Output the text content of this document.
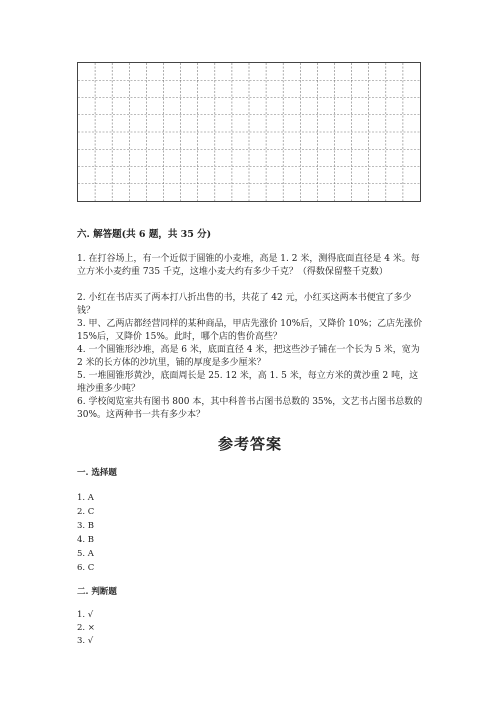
六. 解答题(共 6 题，共 35 分)
1. 在打谷场上，有一个近似于圆锥的小麦堆，高是 1. 2 米，测得底面直径是 4 米。每立方米小麦约重 735 千克，这堆小麦大约有多少千克？（得数保留整千克数）
2. 小红在书店买了两本打八折出售的书，共花了 42 元，小红买这两本书便宜了多少钱？
3. 甲、乙两店都经营同样的某种商品，甲店先涨价 10%后，又降价 10%；乙店先涨价 15%后，又降价 15%。此时，哪个店的售价高些？
4. 一个圆锥形沙堆，高是 6 米，底面直径 4 米，把这些沙子铺在一个长为 5 米，宽为 2 米的长方体的沙坑里，铺的厚度是多少厘米？
5. 一堆圆锥形黄沙，底面周长是 25. 12 米，高 1. 5 米，每立方米的黄沙重 2 吨，这堆沙重多少吨？
6. 学校阅览室共有图书 800 本，其中科普书占图书总数的 35%，文艺书占图书总数的 30%。这两种书一共有多少本？
参考答案
一. 选择题
1. A
2. C
3. B
4. B
5. A
6. C
二. 判断题
1. √
2. ×
3. √
